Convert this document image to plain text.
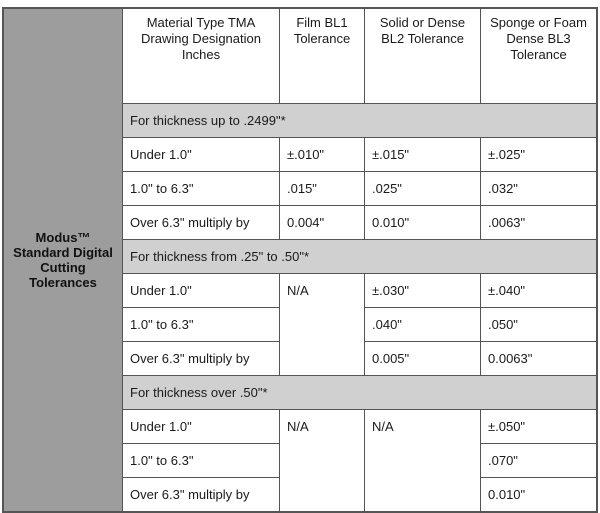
Modus™ Standard Digital Cutting Tolerances	Material Type TMA Drawing Designation Inches	Film BL1 Tolerance	Solid or Dense BL2 Tolerance	Sponge or Foam Dense BL3 Tolerance
	For thickness up to .2499"*			
	Under 1.0"	±.010"	±.015"	±.025"
	1.0" to 6.3"	.015"	.025"	.032"
	Over 6.3" multiply by	0.004"	0.010"	.0063"
	For thickness from .25" to .50"*			
	Under 1.0"	N/A	±.030"	±.040"
	1.0" to 6.3"		.040"	.050"
	Over 6.3" multiply by		0.005"	0.0063"
	For thickness over .50"*			
	Under 1.0"	N/A	N/A	±.050"
	1.0" to 6.3"			.070"
	Over 6.3" multiply by			0.010"
